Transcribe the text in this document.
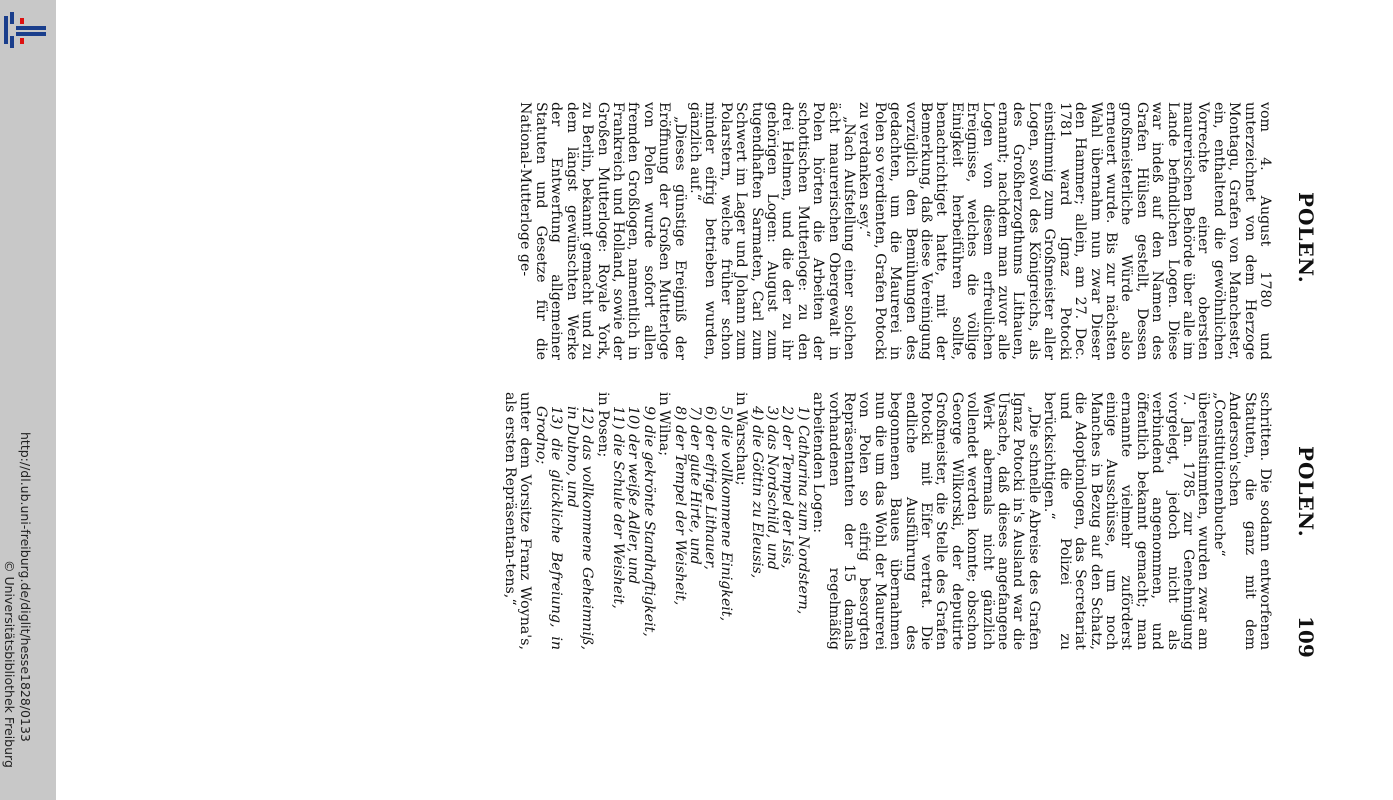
http://dl.ub.uni-freiburg.de/diglit/hesse1828/0133
© Universitätsbibliothek Freiburg
POLEN.
POLEN.
109

vom 4. August 1780 und unterzeichnet von dem Herzoge Montagu, Grafen von Manchester, ein, enthaltend die gewöhnlichen Vorrechte einer obersten maurerischen Behörde über alle im Lande befindlichen Logen. Diese war indeß auf den Namen des Grafen Hülsen gestellt, Dessen großmeisterliche Würde also erneuert wurde. Bis zur nächsten Wahl übernahm nun zwar Dieser den Hammer; allein, am 27. Dec. 1781 ward Ignaz Potocki einstimmig zum Großmeister aller Logen, sowol des Königreichs, als des Großherzogthums Lithauen, ernannt; nachdem man zuvor alle Logen von diesem erfreulichen Ereignisse, welches die völlige Einigkeit herbeiführen sollte, benachrichtiget hatte, mit der Bemerkung, daß diese Vereinigung vorzüglich den Bemühungen des gedachten, um die Maurerei in Polen so verdienten, Grafen Potocki zu verdanken sey.“

„Nach Aufstellung einer solchen ächt maurerischen Obergewalt in Polen hörten die Arbeiten der schottischen Mutterloge: zu den drei Helmen, und die der zu ihr gehörigen Logen: August zum tugendhaften Sarmaten, Carl zum Schwert im Lager und Johann zum Polarstern, welche früher schon minder eifrig betrieben wurden, gänzlich auf.“

„Dieses günstige Ereigniß der Eröffnung der Großen Mutterloge von Polen wurde sofort allen fremden Großlogen, namentlich in Frankreich und Holland, sowie der Großen Mutterloge: Royale York, zu Berlin, bekannt gemacht und zu dem längst gewünschten Werke der Entwerfung allgemeiner Statuten und Gesetze für die National-Mutterloge ge-

schritten. Die sodann entworfenen Statuten, die ganz mit dem Anderson'schen „Constitutionenbuche“ übereinstimmten, wurden zwar am 7. Jan. 1785 zur Genehmigung vorgelegt, jedoch nicht als verbindend angenommen, und öffentlich bekannt gemacht; man ernannte vielmehr zuförderst einige Ausschüsse, um noch Manches in Bezug auf den Schatz, die Adoptionlogen, das Secretariat und die Polizei zu berücksichtigen.“

„Die schnelle Abreise des Grafen Ignaz Potocki in's Ausland war die Ursache, daß dieses angefangene Werk abermals nicht gänzlich vollendet werden konnte; obschon George Wilkorski, der deputirte Großmeister, die Stelle des Grafen Potocki mit Eifer vertrat. Die endliche Ausführung des begonnenen Baues übernahmen nun die um das Wohl der Maurerei von Polen so eifrig besorgten Repräsentanten der 15 damals vorhandenen regelmäßig arbeitenden Logen:

1) Catharina zum Nordstern,

2) der Tempel der Isis,

3) das Nordschild, und

4) die Göttin zu Eleusis,

in Warschau;

5) die vollkommene Einigkeit,

6) der eifrige Lithauer,

7) der gute Hirte, und

8) der Tempel der Weisheit,

in Wilna;

9) die gekrönte Standhaftigkeit,

10) der weiße Adler, und

11) die Schule der Weisheit,

in Posen;

12) das vollkommene Geheimniß, in Dubno, und

13) die glückliche Befreiung, in Grodno;

unter dem Vorsitze Franz Woyna's, als ersten Repräsentan-tens,“
